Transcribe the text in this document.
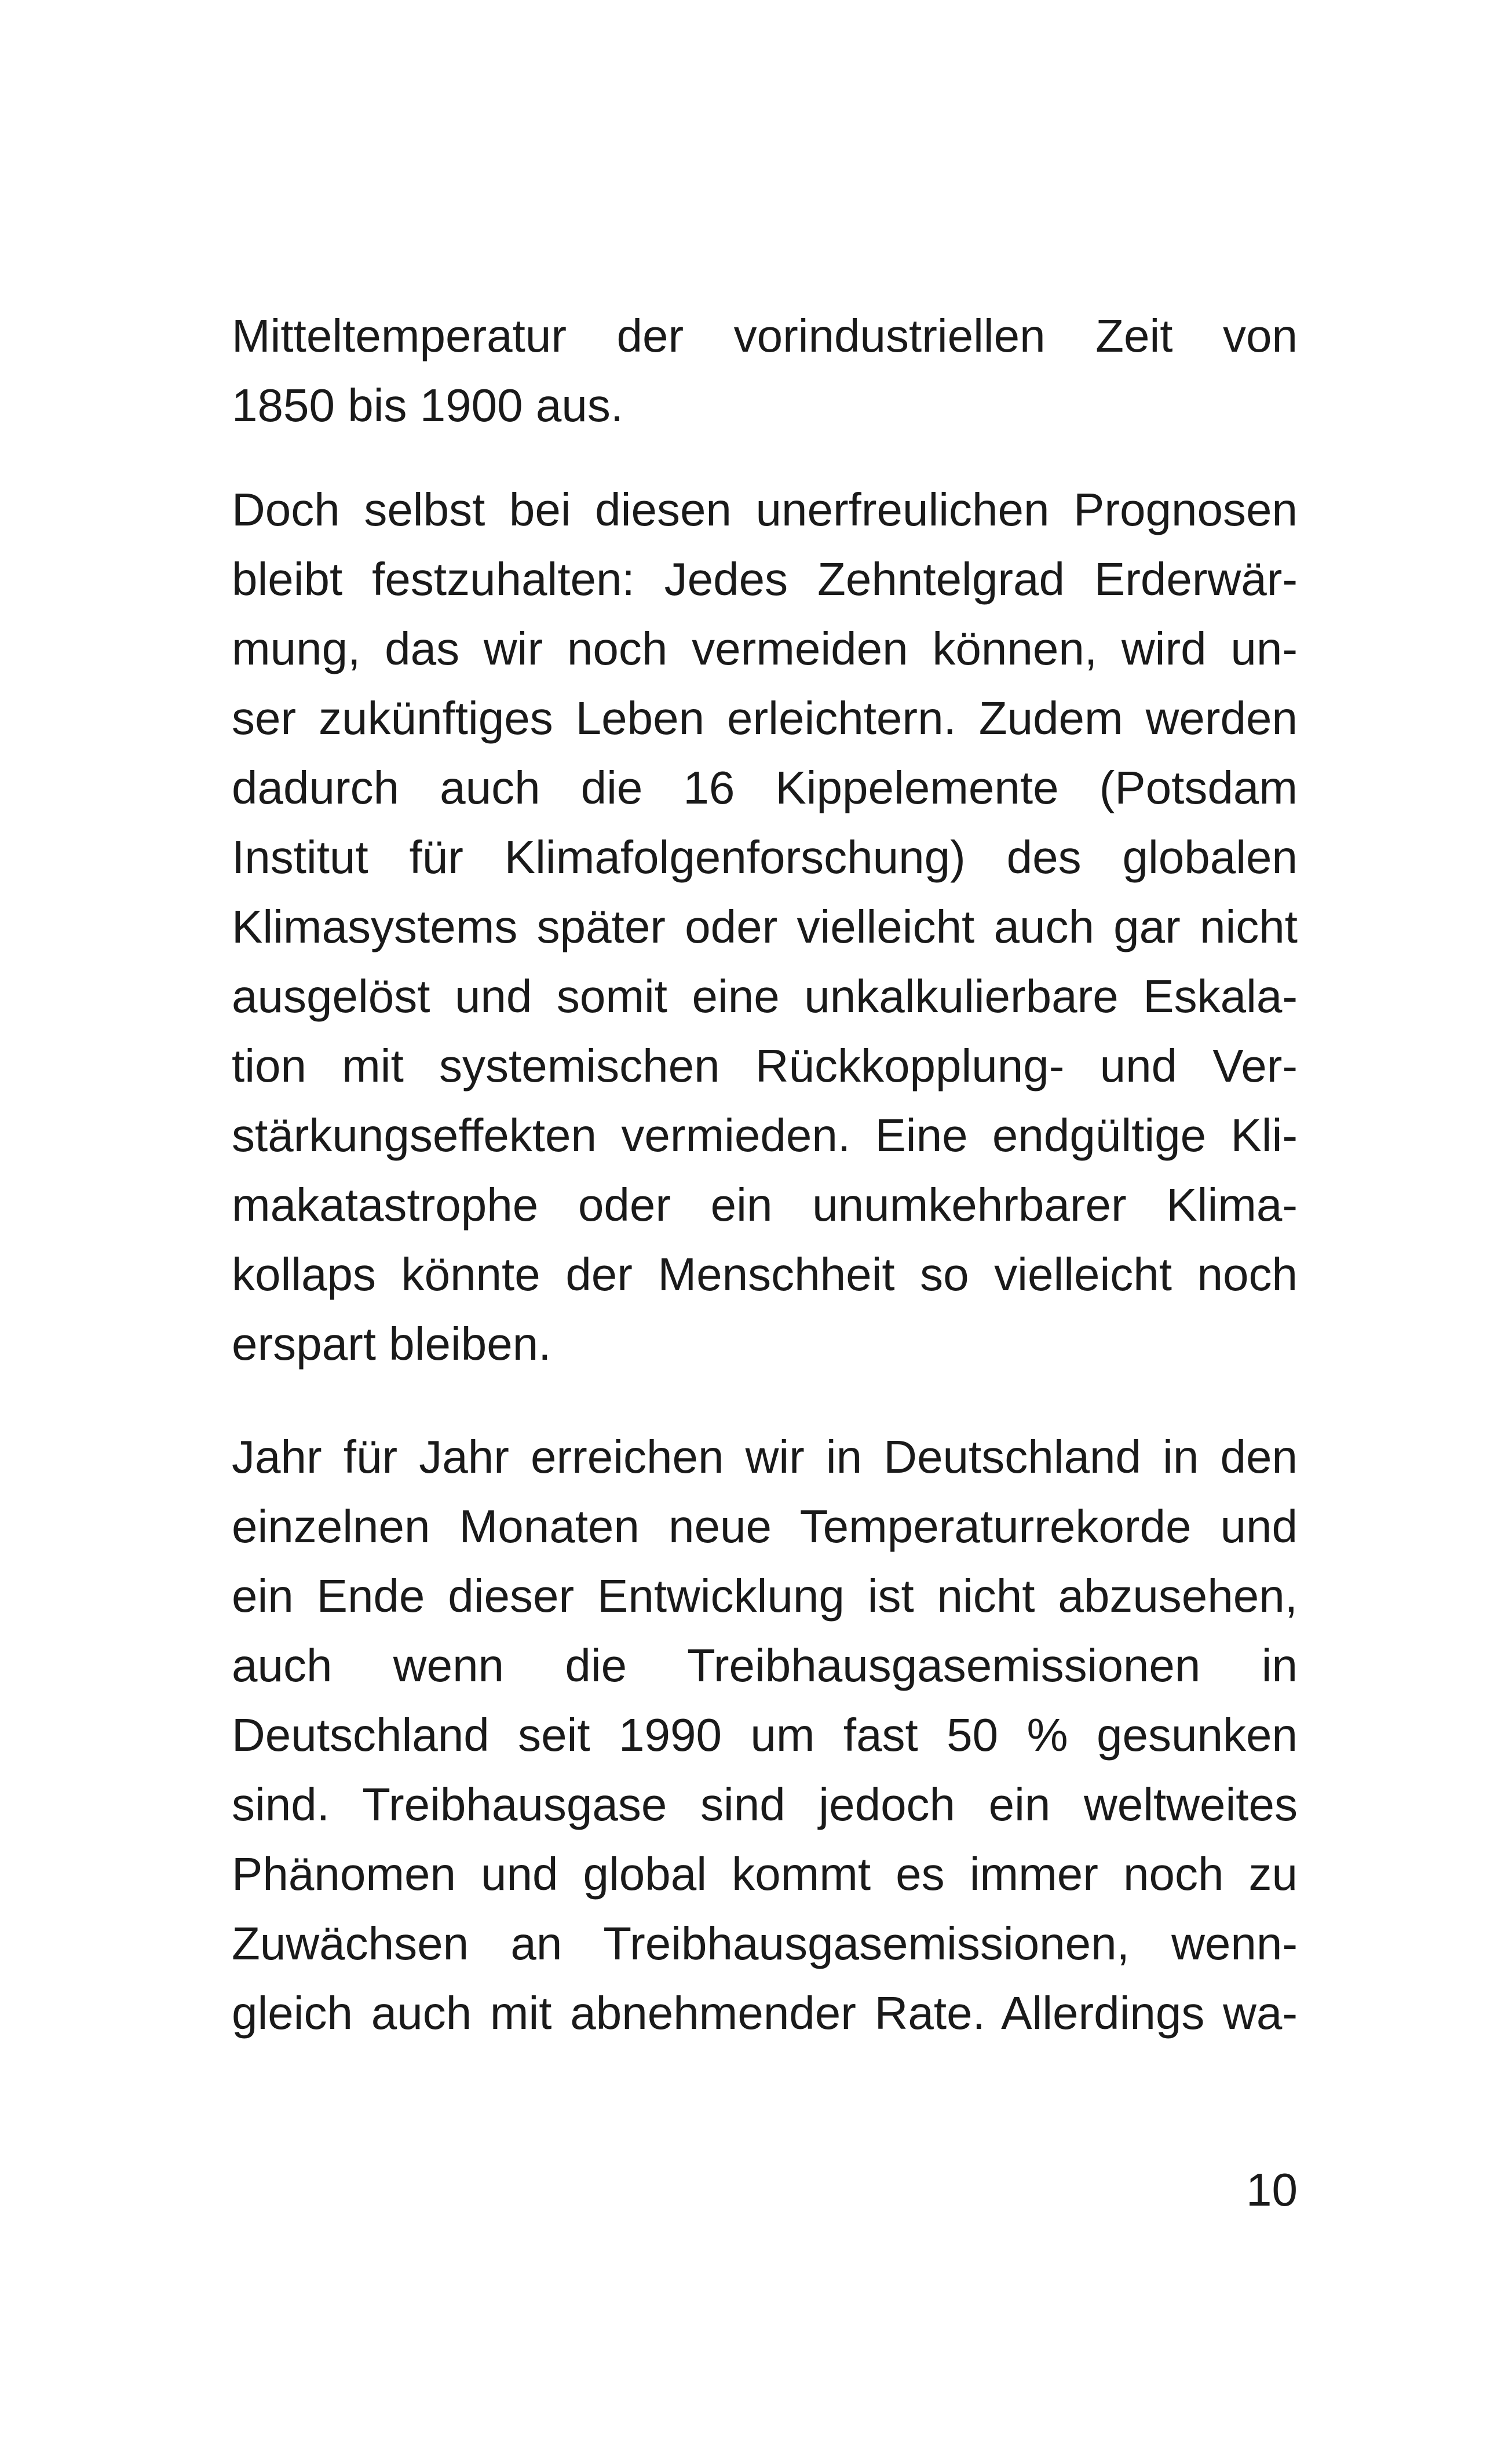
Mitteltemperatur der vorindustriellen Zeit von
1850 bis 1900 aus.
Doch selbst bei diesen unerfreulichen Prognosen
bleibt festzuhalten: Jedes Zehntelgrad Erderwär-
mung, das wir noch vermeiden können, wird un-
ser zukünftiges Leben erleichtern. Zudem werden
dadurch auch die 16 Kippelemente (Potsdam
Institut für Klimafolgenforschung) des globalen
Klimasystems später oder vielleicht auch gar nicht
ausgelöst und somit eine unkalkulierbare Eskala-
tion mit systemischen Rückkopplung- und Ver-
stärkungseffekten vermieden. Eine endgültige Kli-
makatastrophe oder ein unumkehrbarer Klima-
kollaps könnte der Menschheit so vielleicht noch
erspart bleiben.
Jahr für Jahr erreichen wir in Deutschland in den
einzelnen Monaten neue Temperaturrekorde und
ein Ende dieser Entwicklung ist nicht abzusehen,
auch wenn die Treibhausgasemissionen in
Deutschland seit 1990 um fast 50 % gesunken
sind. Treibhausgase sind jedoch ein weltweites
Phänomen und global kommt es immer noch zu
Zuwächsen an Treibhausgasemissionen, wenn-
gleich auch mit abnehmender Rate. Allerdings wa-
10
